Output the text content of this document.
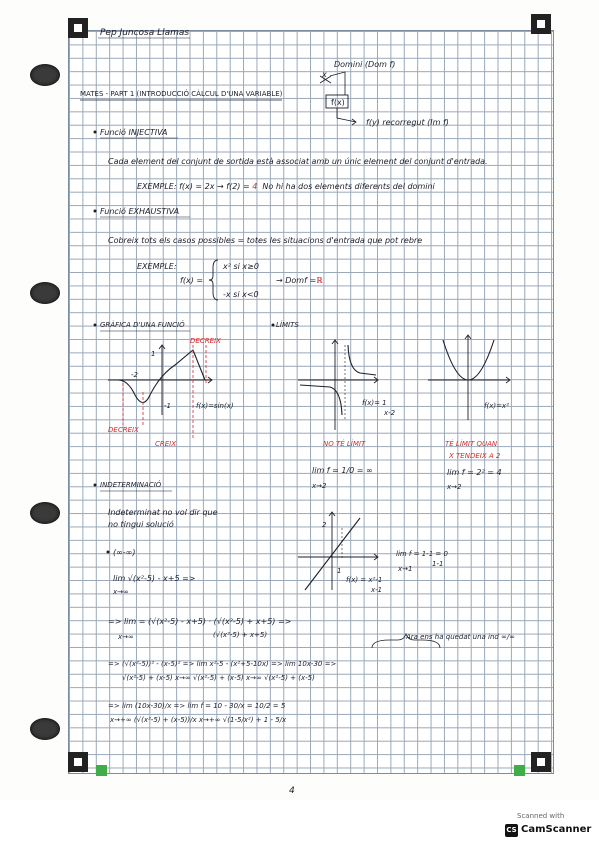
Pep Juncosa Llamas
4
MATES - PART 1 (INTRODUCCIÓ CÀLCUL D'UNA VARIABLE)
Domini (Dom f)
x
f(x)
f(y) recorregut (Im f)
Funció INJECTIVA
Cada element del conjunt de sortida està associat amb un únic element del conjunt d'entrada.
EXEMPLE: f(x) = 2x → f(2) = 4 No hi ha dos elements diferents del domini
Funció EXHAUSTIVA
Cobreix tots els casos possibles = totes les situacions d'entrada que pot rebre
EXEMPLE:
f(x) =
x² si x≥0
-x si x<0
→ Domf =ℝ
GRÀFICA D'UNA FUNCIÓ	LÍMITS
DECREIX
DECREIX
CREIX
f(x)=sin(x)
1
-1
-2
f(x)= 1
x-2
NO TÉ LÍMIT
lim f = 1/0 = ∞
x→2
f(x)=x²
TÉ LÍMIT QUAN
X TENDEIX A 2
lim f = 2² = 4
x→2
INDETERMINACIÓ
Indeterminat no vol dir que
no tingui solució
(∞-∞)
2
1
lim f = 1-1 = 0
1-1
x→1
f(x) = x²-1
x-1
lim √(x²-5) - x+5 =>
x→∞
=> lim = (√(x²-5) - x+5) · (√(x²-5) + x+5) =>
(√(x²-5) + x+5)
x→∞	Ara ens ha quedat una ind ∞/∞
=> (√(x²-5))² - (x-5)² => lim x²-5 - (x²+5-10x) => lim 10x-30 =>
√(x²-5) + (x-5) x→∞ √(x²-5) + (x-5) x→∞ √(x²-5) + (x-5)
=> lim (10x-30)/x => lim f = 10 - 30/x = 10/2 = 5
x→+∞ (√(x²-5) + (x-5))/x x→+∞ √(1-5/x²) + 1 - 5/x
Scanned with
CS CamScanner
